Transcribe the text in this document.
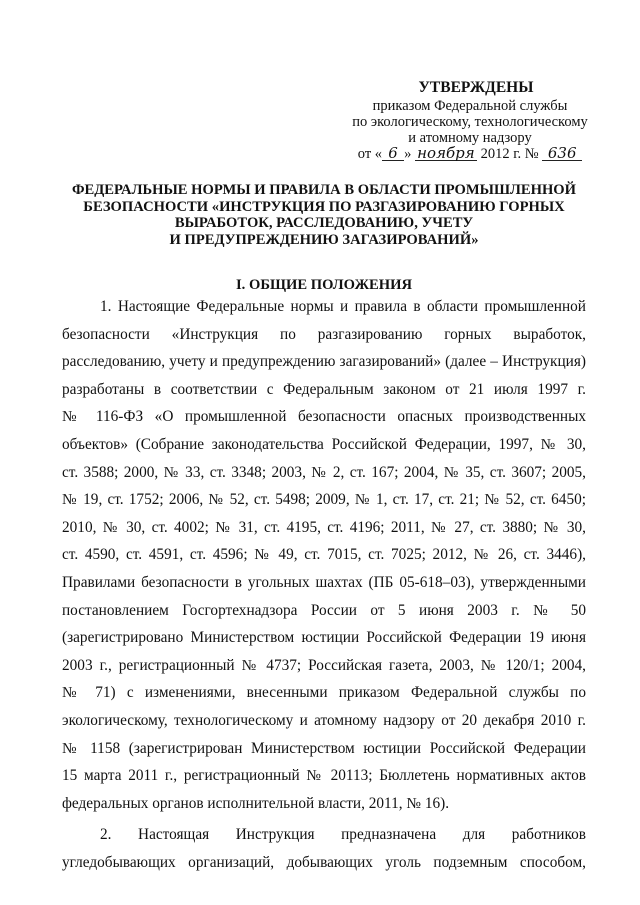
УТВЕРЖДЕНЫ
приказом Федеральной службы
по экологическому, технологическому
и атомному надзору
от « 6 » ноября 2012 г. № 636
ФЕДЕРАЛЬНЫЕ НОРМЫ И ПРАВИЛА В ОБЛАСТИ ПРОМЫШЛЕННОЙ
БЕЗОПАСНОСТИ «ИНСТРУКЦИЯ ПО РАЗГАЗИРОВАНИЮ ГОРНЫХ
ВЫРАБОТОК, РАССЛЕДОВАНИЮ, УЧЕТУ
И ПРЕДУПРЕЖДЕНИЮ ЗАГАЗИРОВАНИЙ»
I. ОБЩИЕ ПОЛОЖЕНИЯ

1. Настоящие Федеральные нормы и правила в области промышленной
безопасности «Инструкция по разгазированию горных выработок,
расследованию, учету и предупреждению загазирований» (далее – Инструкция)
разработаны в соответствии с Федеральным законом от 21 июля 1997 г.
№ 116-ФЗ «О промышленной безопасности опасных производственных
объектов» (Собрание законодательства Российской Федерации, 1997, № 30,
ст. 3588; 2000, № 33, ст. 3348; 2003, № 2, ст. 167; 2004, № 35, ст. 3607; 2005,
№ 19, ст. 1752; 2006, № 52, ст. 5498; 2009, № 1, ст. 17, ст. 21; № 52, ст. 6450;
2010, № 30, ст. 4002; № 31, ст. 4195, ст. 4196; 2011, № 27, ст. 3880; № 30,
ст. 4590, ст. 4591, ст. 4596; № 49, ст. 7015, ст. 7025; 2012, № 26, ст. 3446),
Правилами безопасности в угольных шахтах (ПБ 05-618–03), утвержденными
постановлением Госгортехнадзора России от 5 июня 2003 г. № 50
(зарегистрировано Министерством юстиции Российской Федерации 19 июня
2003 г., регистрационный № 4737; Российская газета, 2003, № 120/1; 2004,
№ 71) с изменениями, внесенными приказом Федеральной службы по
экологическому, технологическому и атомному надзору от 20 декабря 2010 г.
№ 1158 (зарегистрирован Министерством юстиции Российской Федерации
15 марта 2011 г., регистрационный № 20113; Бюллетень нормативных актов
федеральных органов исполнительной власти, 2011, № 16).

2. Настоящая Инструкция предназначена для работников
угледобывающих организаций, добывающих уголь подземным способом,
